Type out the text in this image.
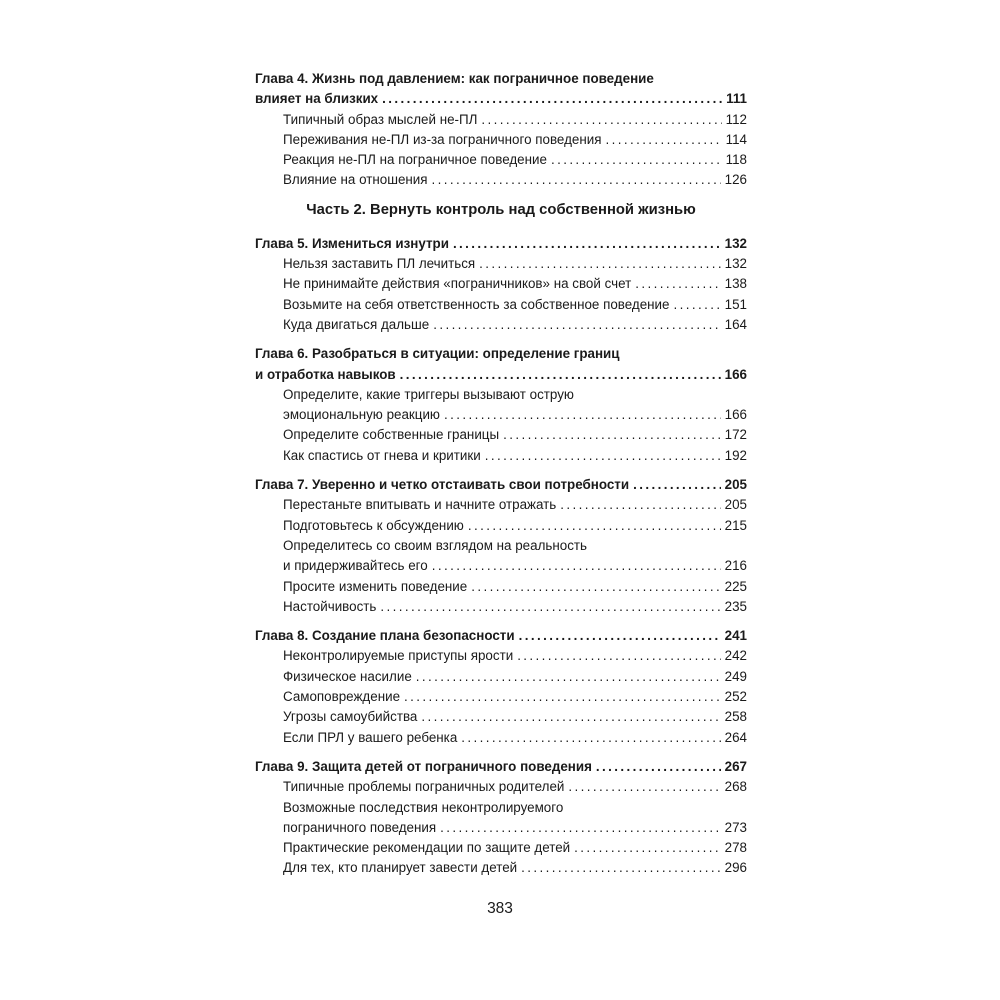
Глава 4. Жизнь под давлением: как пограничное поведение
влияет на близких .....	111
Типичный образ мыслей не-ПЛ .....	112
Переживания не-ПЛ из-за пограничного поведения .....	114
Реакция не-ПЛ на пограничное поведение .....	118
Влияние на отношения .....	126
Часть 2. Вернуть контроль над собственной жизнью
Глава 5. Измениться изнутри .....	132
Нельзя заставить ПЛ лечиться .....	132
Не принимайте действия «пограничников» на свой счет .....	138
Возьмите на себя ответственность за собственное поведение .....	151
Куда двигаться дальше .....	164
Глава 6. Разобраться в ситуации: определение границ
и отработка навыков .....	166
Определите, какие триггеры вызывают острую
эмоциональную реакцию .....	166
Определите собственные границы .....	172
Как спастись от гнева и критики .....	192
Глава 7. Уверенно и четко отстаивать свои потребности .....	205
Перестаньте впитывать и начните отражать .....	205
Подготовьтесь к обсуждению .....	215
Определитесь со своим взглядом на реальность
и придерживайтесь его .....	216
Просите изменить поведение .....	225
Настойчивость .....	235
Глава 8. Создание плана безопасности .....	241
Неконтролируемые приступы ярости .....	242
Физическое насилие .....	249
Самоповреждение .....	252
Угрозы самоубийства .....	258
Если ПРЛ у вашего ребенка .....	264
Глава 9. Защита детей от пограничного поведения .....	267
Типичные проблемы пограничных родителей .....	268
Возможные последствия неконтролируемого
пограничного поведения .....	273
Практические рекомендации по защите детей .....	278
Для тех, кто планирует завести детей .....	296
383
